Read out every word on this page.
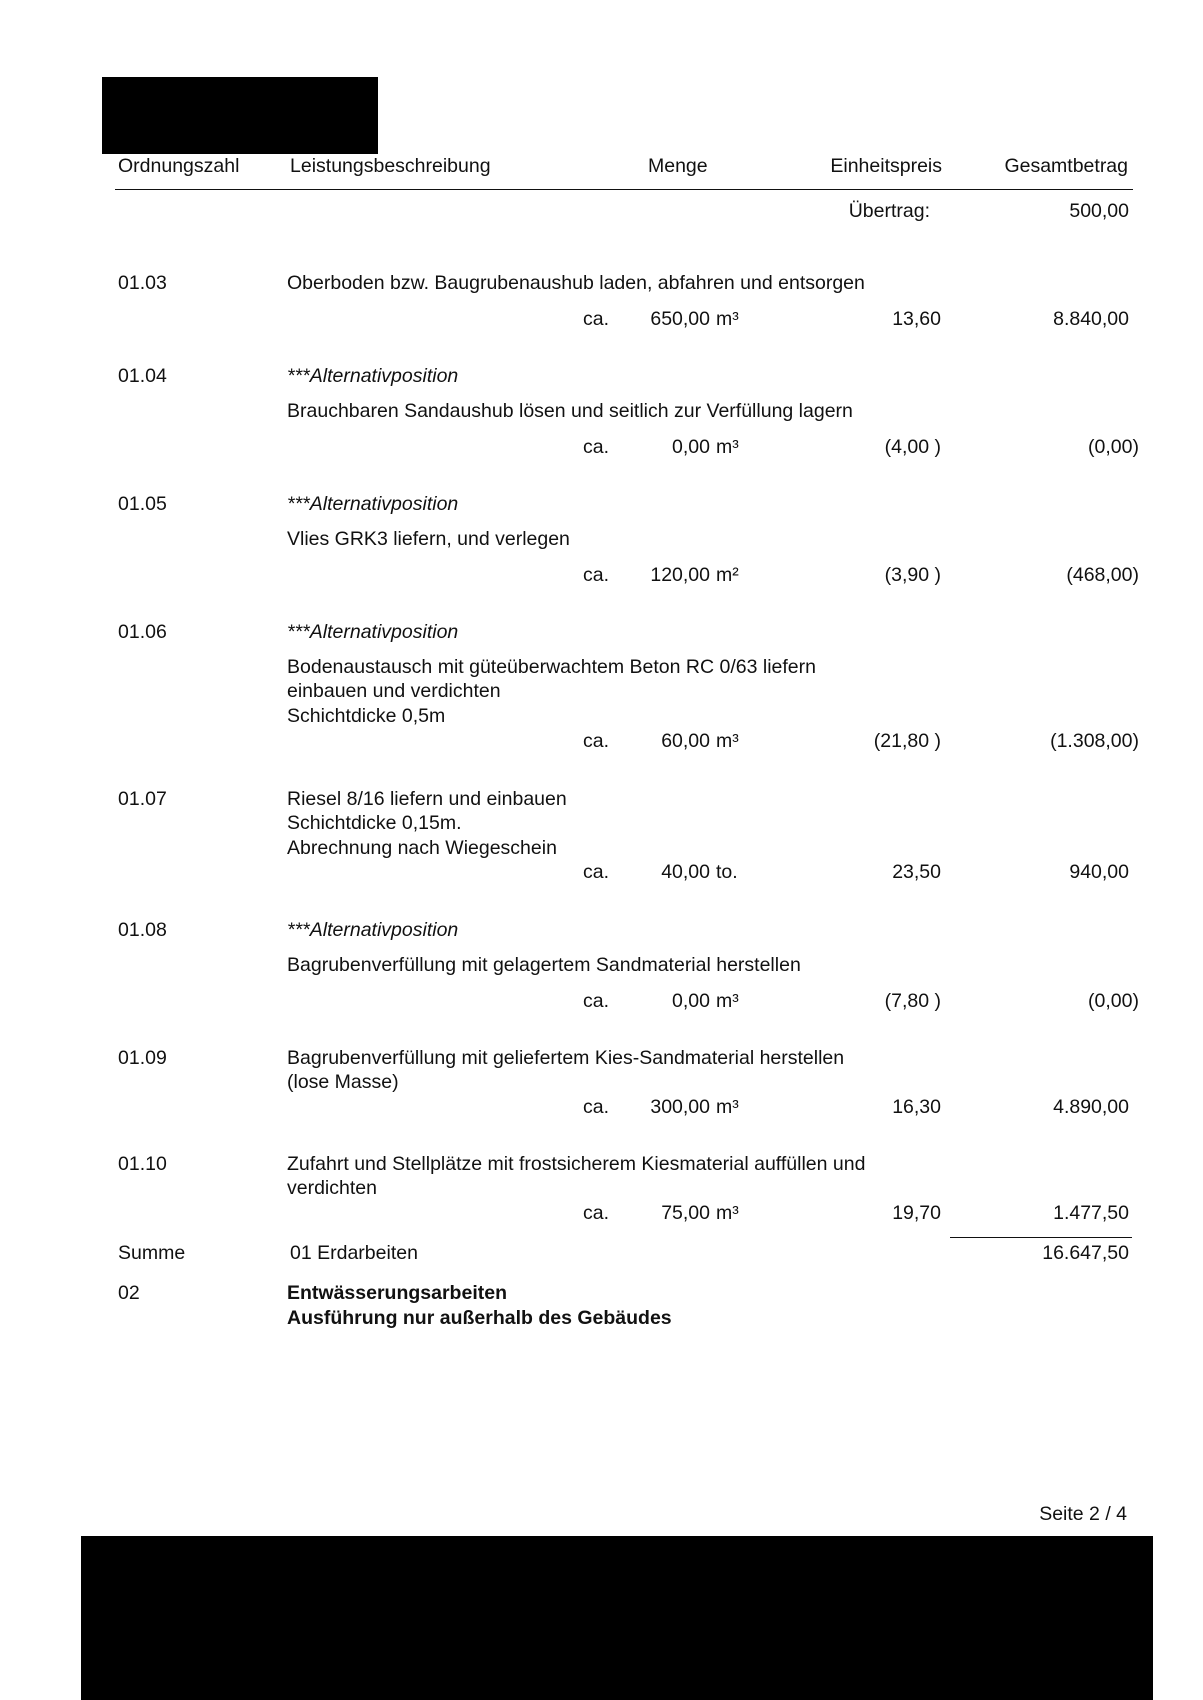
Ordnungszahl	Leistungsbeschreibung	Menge	Einheitspreis	Gesamtbetrag
Übertrag:	500,00
01.03	Oberboden bzw. Baugrubenaushub laden, abfahren und entsorgen
ca.	650,00 m³	13,60	8.840,00
01.04	***Alternativposition
Brauchbaren Sandaushub lösen und seitlich zur Verfüllung lagern
ca.	0,00 m³	(4,00 )	(0,00)
01.05	***Alternativposition
Vlies GRK3 liefern, und verlegen
ca.	120,00 m²	(3,90 )	(468,00)
01.06	***Alternativposition
Bodenaustausch mit güteüberwachtem Beton RC 0/63 liefern
einbauen und verdichten
Schichtdicke 0,5m
ca.	60,00 m³	(21,80 )	(1.308,00)
01.07	Riesel 8/16 liefern und einbauen
Schichtdicke 0,15m.
Abrechnung nach Wiegeschein
ca.	40,00 to.	23,50	940,00
01.08	***Alternativposition
Bagrubenverfüllung mit gelagertem Sandmaterial herstellen
ca.	0,00 m³	(7,80 )	(0,00)
01.09	Bagrubenverfüllung mit geliefertem Kies-Sandmaterial herstellen
(lose Masse)
ca.	300,00 m³	16,30	4.890,00
01.10	Zufahrt und Stellplätze mit frostsicherem Kiesmaterial auffüllen und
verdichten
ca.	75,00 m³	19,70	1.477,50
Summe	01 Erdarbeiten	16.647,50
02	Entwässerungsarbeiten
Ausführung nur außerhalb des Gebäudes
Seite 2 / 4
